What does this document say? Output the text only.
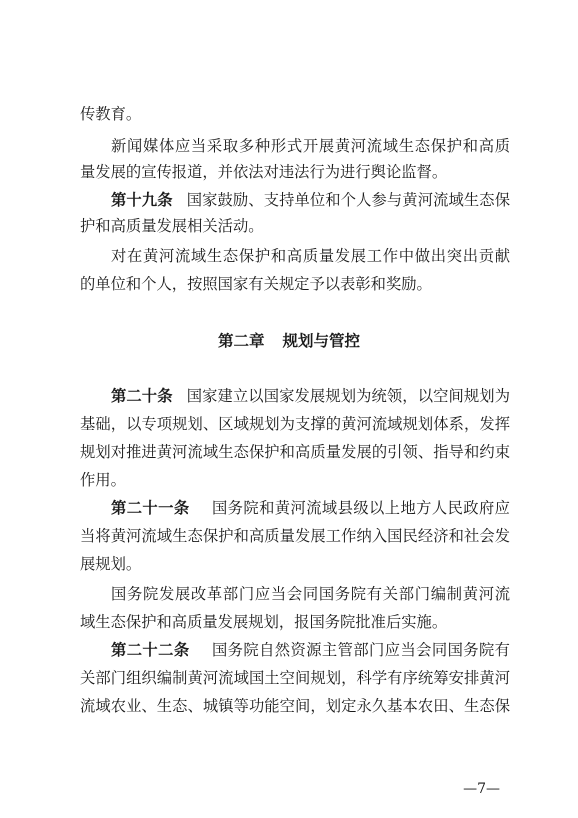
传教育。
新闻媒体应当采取多种形式开展黄河流域生态保护和高质
量发展的宣传报道，并依法对违法行为进行舆论监督。
第十九条 国家鼓励、支持单位和个人参与黄河流域生态保
护和高质量发展相关活动。
对在黄河流域生态保护和高质量发展工作中做出突出贡献
的单位和个人，按照国家有关规定予以表彰和奖励。
第二章 规划与管控
第二十条 国家建立以国家发展规划为统领，以空间规划为
基础，以专项规划、区域规划为支撑的黄河流域规划体系，发挥
规划对推进黄河流域生态保护和高质量发展的引领、指导和约束
作用。
第二十一条 国务院和黄河流域县级以上地方人民政府应
当将黄河流域生态保护和高质量发展工作纳入国民经济和社会发
展规划。
国务院发展改革部门应当会同国务院有关部门编制黄河流
域生态保护和高质量发展规划，报国务院批准后实施。
第二十二条 国务院自然资源主管部门应当会同国务院有
关部门组织编制黄河流域国土空间规划，科学有序统筹安排黄河
流域农业、生态、城镇等功能空间，划定永久基本农田、生态保
—7—
